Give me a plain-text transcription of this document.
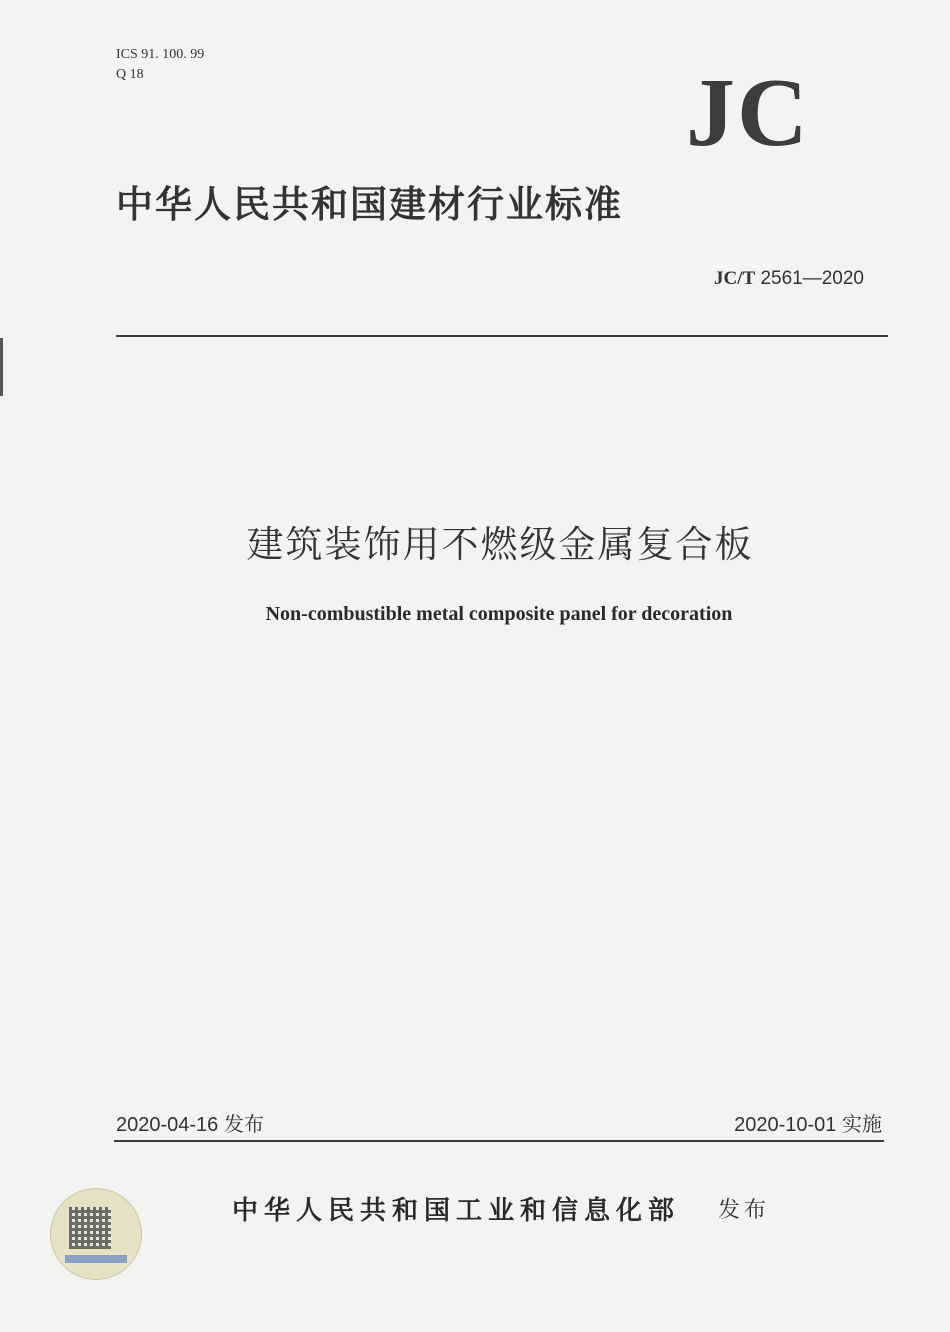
ICS 91. 100. 99
Q 18	JC
中华人民共和国建材行业标准
JC/T 2561—2020
建筑装饰用不燃级金属复合板
Non-combustible metal composite panel for decoration
2020-04-16 发布	2020-10-01 实施
中华人民共和国工业和信息化部 发布
